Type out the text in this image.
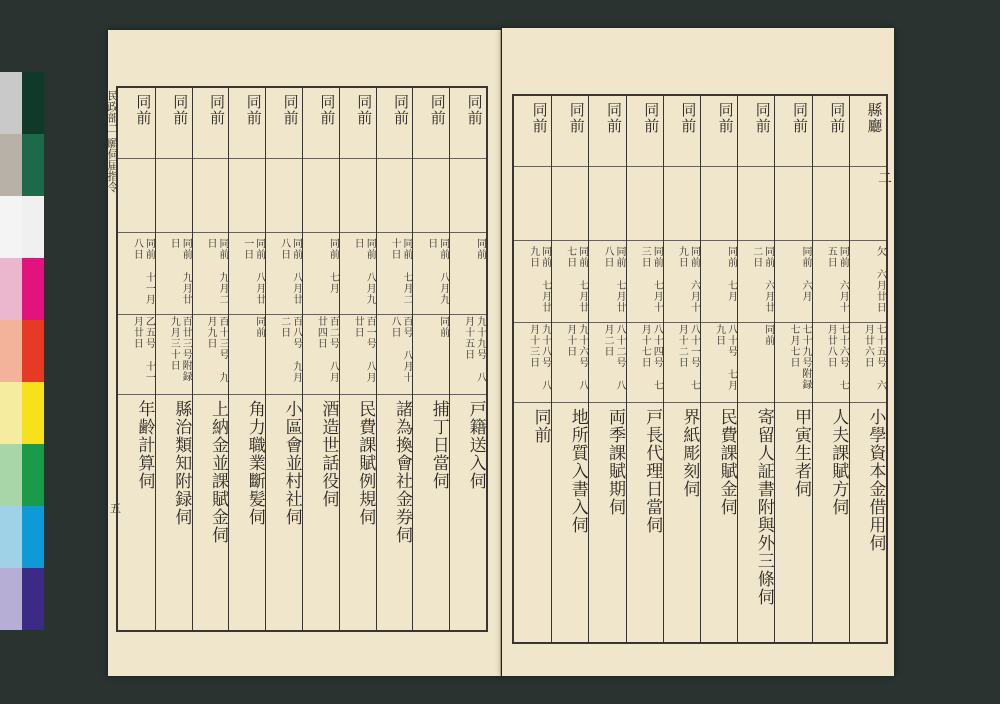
民政部二 願伺届指令
五
同前
同前
九十九号 八月十五日
戸籍送入伺
同前
同前 八月九日
同前
捕丁日當伺
同前
同前 七月二十日
百号 八月十八日
諸為換會社金券伺
同前
同前 八月九日
百一号 八月廿日
民費課賦例規伺
同前
同前 七月
百二号 八月廿四日
酒造世話役伺
同前
同前 八月廿八日
百八号 九月二日
小區會並村社伺
同前
同前 八月廿一日
同前
角力職業斷髪伺
同前
同前 九月二日
百十三号 九月九日
上納金並課賦金伺
同前
同前 九月廿日
百廿三号附録 九月三十日
縣治類知附録伺
同前
同前 十一月八日
乙五号 十一月廿日
年齢計算伺
二
縣廳
欠 六月廿日
七十五号 六月廿六日
小學資本金借用伺
同前
同前 六月十五日
七十六号 七月廿八日
人夫課賦方伺
同前
同前 六月
七十九号附録 七月七日
甲寅生者伺
同前
同前 六月廿二日
同前
寄留人証書附與外三條伺
同前
同前 七月
八十号 七月九日
民費課賦金伺
同前
同前 六月十九日
八十一号 七月十二日
界紙彫刻伺
同前
同前 七月十三日
八十四号 七月十七日
戸長代理日當伺
同前
同前 七月廿八日
八十二号 八月二日
両季課賦期伺
同前
同前 七月廿七日
九十六号 八月十日
地所質入書入伺
同前
同前 七月廿九日
九十八号 八月十三日
同前
